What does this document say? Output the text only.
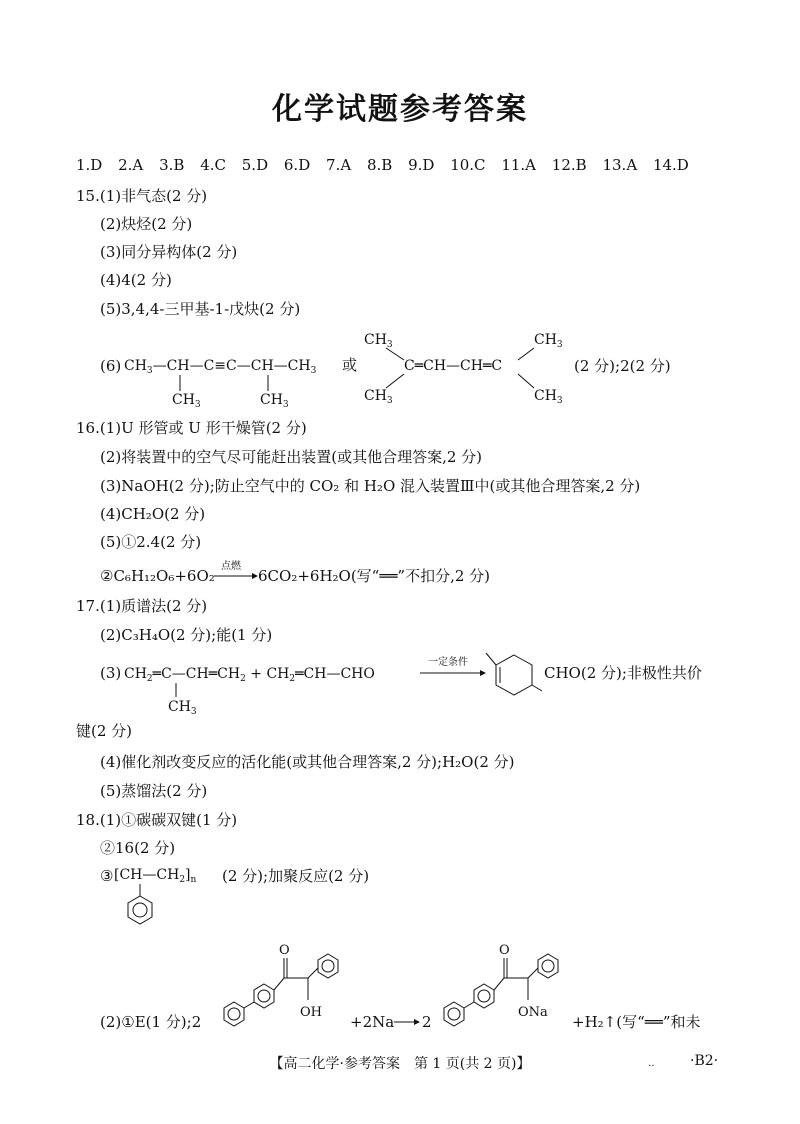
化学试题参考答案
1.D 2.A 3.B 4.C 5.D 6.D 7.A 8.B 9.D 10.C 11.A 12.B 13.A 14.D
15.(1)非气态(2 分)
(2)炔烃(2 分)
(3)同分异构体(2 分)
(4)4(2 分)
(5)3,4,4-三甲基-1-戊炔(2 分)
(6) $CH_3—CH—C\equiv C—CH—CH_3$
$CH_3$	$CH_3$
或
$CH_3$
$CH_3$
C═CH—CH═C
$CH_3$
$CH_3$
(2 分);2(2 分)
16.(1)U 形管或 U 形干燥管(2 分)
(2)将装置中的空气尽可能赶出装置(或其他合理答案,2 分)
(3)NaOH(2 分);防止空气中的 CO₂ 和 H₂O 混入装置Ⅲ中(或其他合理答案,2 分)
(4)CH₂O(2 分)
(5)①2.4(2 分)
②C₆H₁₂O₆+6O₂
点燃
6CO₂+6H₂O(写“══”不扣分,2 分)
17.(1)质谱法(2 分)
(2)C₃H₄O(2 分);能(1 分)
(3) $CH_2═C—CH═CH_2$ + $CH_2═CH—CHO$
$CH_3$
一定条件
CHO(2 分);非极性共价
键(2 分)
(4)催化剂改变反应的活化能(或其他合理答案,2 分);H₂O(2 分)
(5)蒸馏法(2 分)
18.(1)①碳碳双键(1 分)
②16(2 分)
③ $[CH—CH_2]_n$ (2 分);加聚反应(2 分)
(2)①E(1 分);2
O
OH
+2Na → 2
O
ONa
+H₂↑(写“══”和未
【高二化学·参考答案　第 1 页(共 2 页)】	‥	·B2·
